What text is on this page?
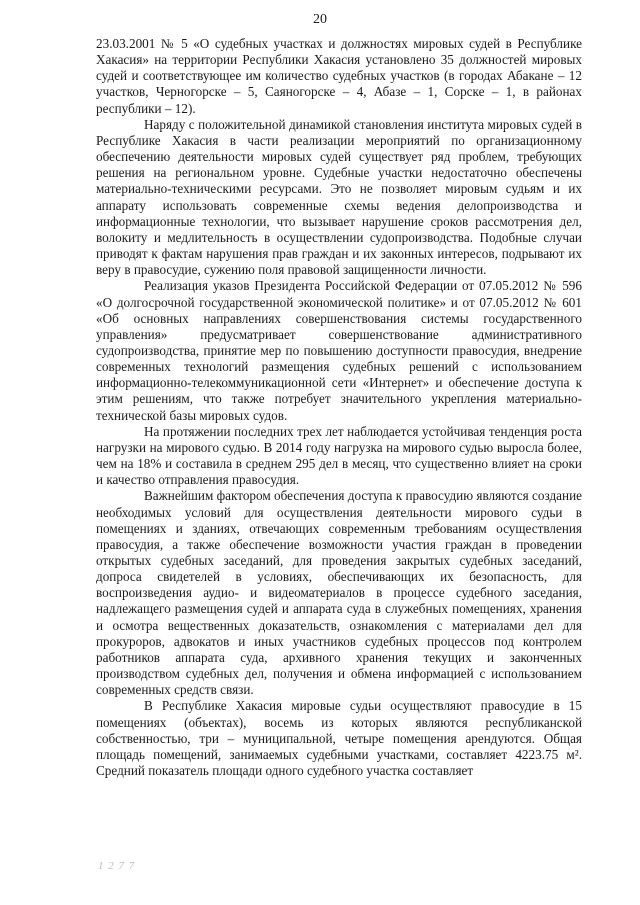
20

23.03.2001 № 5 «О судебных участках и должностях мировых судей в Республике Хакасия» на территории Республики Хакасия установлено 35 должностей мировых судей и соответствующее им количество судебных участков (в городах Абакане – 12 участков, Черногорске – 5, Саяногорске – 4, Абазе – 1, Сорске – 1, в районах республики – 12).

Наряду с положительной динамикой становления института мировых судей в Республике Хакасия в части реализации мероприятий по организационному обеспечению деятельности мировых судей существует ряд проблем, требующих решения на региональном уровне. Судебные участки недостаточно обеспечены материально-техническими ресурсами. Это не позволяет мировым судьям и их аппарату использовать современные схемы ведения делопроизводства и информационные технологии, что вызывает нарушение сроков рассмотрения дел, волокиту и медлительность в осуществлении судопроизводства. Подобные случаи приводят к фактам нарушения прав граждан и их законных интересов, подрывают их веру в правосудие, сужению поля правовой защищенности личности.

Реализация указов Президента Российской Федерации от 07.05.2012 № 596 «О долгосрочной государственной экономической политике» и от 07.05.2012 № 601 «Об основных направлениях совершенствования системы государственного управления» предусматривает совершенствование административного судопроизводства, принятие мер по повышению доступности правосудия, внедрение современных технологий размещения судебных решений с использованием информационно-телекоммуникационной сети «Интернет» и обеспечение доступа к этим решениям, что также потребует значительного укрепления материально-технической базы мировых судов.

На протяжении последних трех лет наблюдается устойчивая тенденция роста нагрузки на мирового судью. В 2014 году нагрузка на мирового судью выросла более, чем на 18% и составила в среднем 295 дел в месяц, что существенно влияет на сроки и качество отправления правосудия.

Важнейшим фактором обеспечения доступа к правосудию являются создание необходимых условий для осуществления деятельности мирового судьи в помещениях и зданиях, отвечающих современным требованиям осуществления правосудия, а также обеспечение возможности участия граждан в проведении открытых судебных заседаний, для проведения закрытых судебных заседаний, допроса свидетелей в условиях, обеспечивающих их безопасность, для воспроизведения аудио- и видеоматериалов в процессе судебного заседания, надлежащего размещения судей и аппарата суда в служебных помещениях, хранения и осмотра вещественных доказательств, ознакомления с материалами дел для прокуроров, адвокатов и иных участников судебных процессов под контролем работников аппарата суда, архивного хранения текущих и законченных производством судебных дел, получения и обмена информацией с использованием современных средств связи.

В Республике Хакасия мировые судьи осуществляют правосудие в 15 помещениях (объектах), восемь из которых являются республиканской собственностью, три – муниципальной, четыре помещения арендуются. Общая площадь помещений, занимаемых судебными участками, составляет 4223.75 м². Средний показатель площади одного судебного участка составляет

1 2 7 7
